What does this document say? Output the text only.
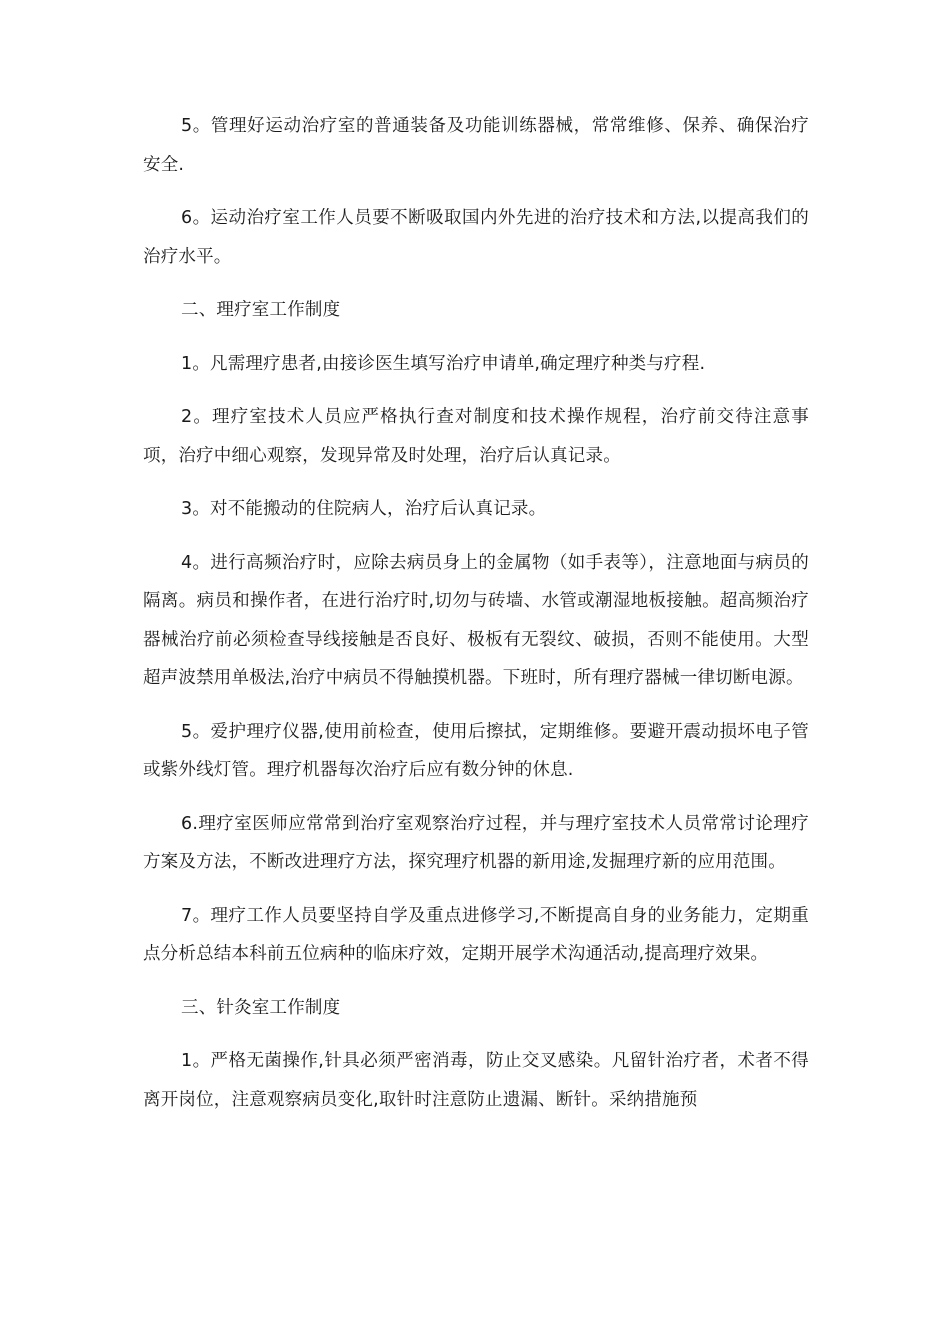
5。管理好运动治疗室的普通装备及功能训练器械，常常维修、保养、确保治疗安全.

6。运动治疗室工作人员要不断吸取国内外先进的治疗技术和方法,以提高我们的治疗水平。

二、理疗室工作制度

1。凡需理疗患者,由接诊医生填写治疗申请单,确定理疗种类与疗程.

2。理疗室技术人员应严格执行查对制度和技术操作规程，治疗前交待注意事项，治疗中细心观察，发现异常及时处理，治疗后认真记录。

3。对不能搬动的住院病人，治疗后认真记录。

4。进行高频治疗时，应除去病员身上的金属物（如手表等），注意地面与病员的隔离。病员和操作者，在进行治疗时,切勿与砖墙、水管或潮湿地板接触。超高频治疗器械治疗前必须检查导线接触是否良好、极板有无裂纹、破损，否则不能使用。大型超声波禁用单极法,治疗中病员不得触摸机器。下班时，所有理疗器械一律切断电源。

5。爱护理疗仪器,使用前检查，使用后擦拭，定期维修。要避开震动损坏电子管或紫外线灯管。理疗机器每次治疗后应有数分钟的休息.

6.理疗室医师应常常到治疗室观察治疗过程，并与理疗室技术人员常常讨论理疗方案及方法，不断改进理疗方法，探究理疗机器的新用途,发掘理疗新的应用范围。

7。理疗工作人员要坚持自学及重点进修学习,不断提高自身的业务能力，定期重点分析总结本科前五位病种的临床疗效，定期开展学术沟通活动,提高理疗效果。

三、针灸室工作制度

1。严格无菌操作,针具必须严密消毒，防止交叉感染。凡留针治疗者，术者不得离开岗位，注意观察病员变化,取针时注意防止遗漏、断针。采纳措施预
